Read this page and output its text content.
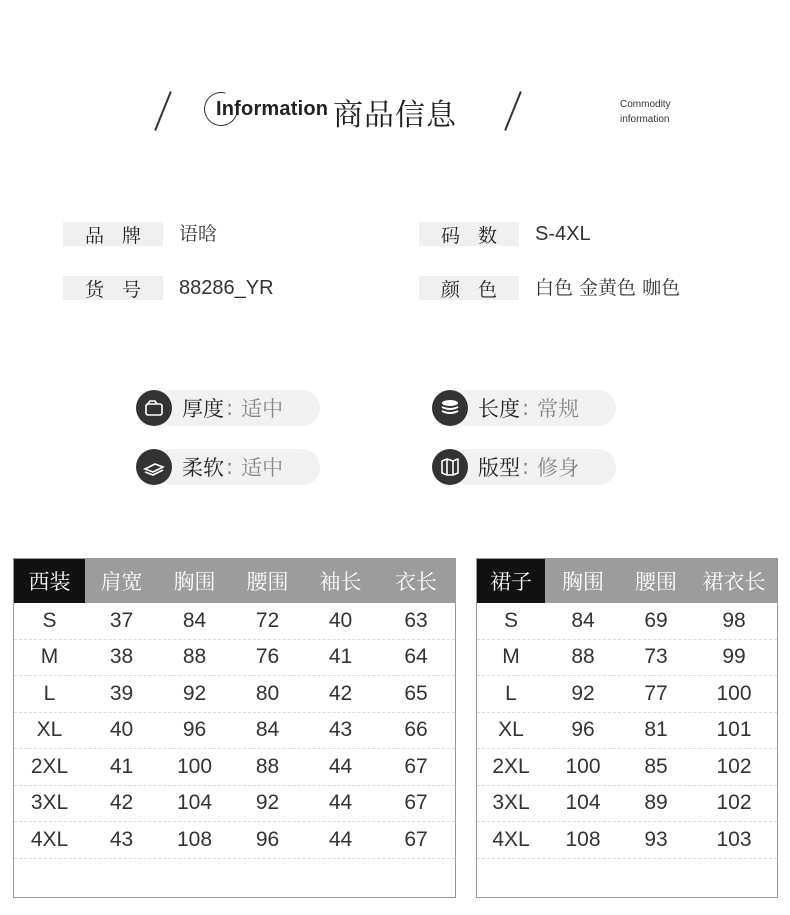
Information 商品信息	Commodity
information
品牌 语晗	码数 S-4XL
货号 88286_YR	颜色 白色 金黄色 咖色
厚度 : 适中	长度 : 常规
柔软 : 适中	版型 : 修身
西装	肩宽	胸围	腰围	袖长	衣长
S	37	84	72	40	63
M	38	88	76	41	64
L	39	92	80	42	65
XL	40	96	84	43	66
2XL	41	100	88	44	67
3XL	42	104	92	44	67
4XL	43	108	96	44	67
裙子	胸围	腰围	裙衣长
S	84	69	98
M	88	73	99
L	92	77	100
XL	96	81	101
2XL	100	85	102
3XL	104	89	102
4XL	108	93	103
